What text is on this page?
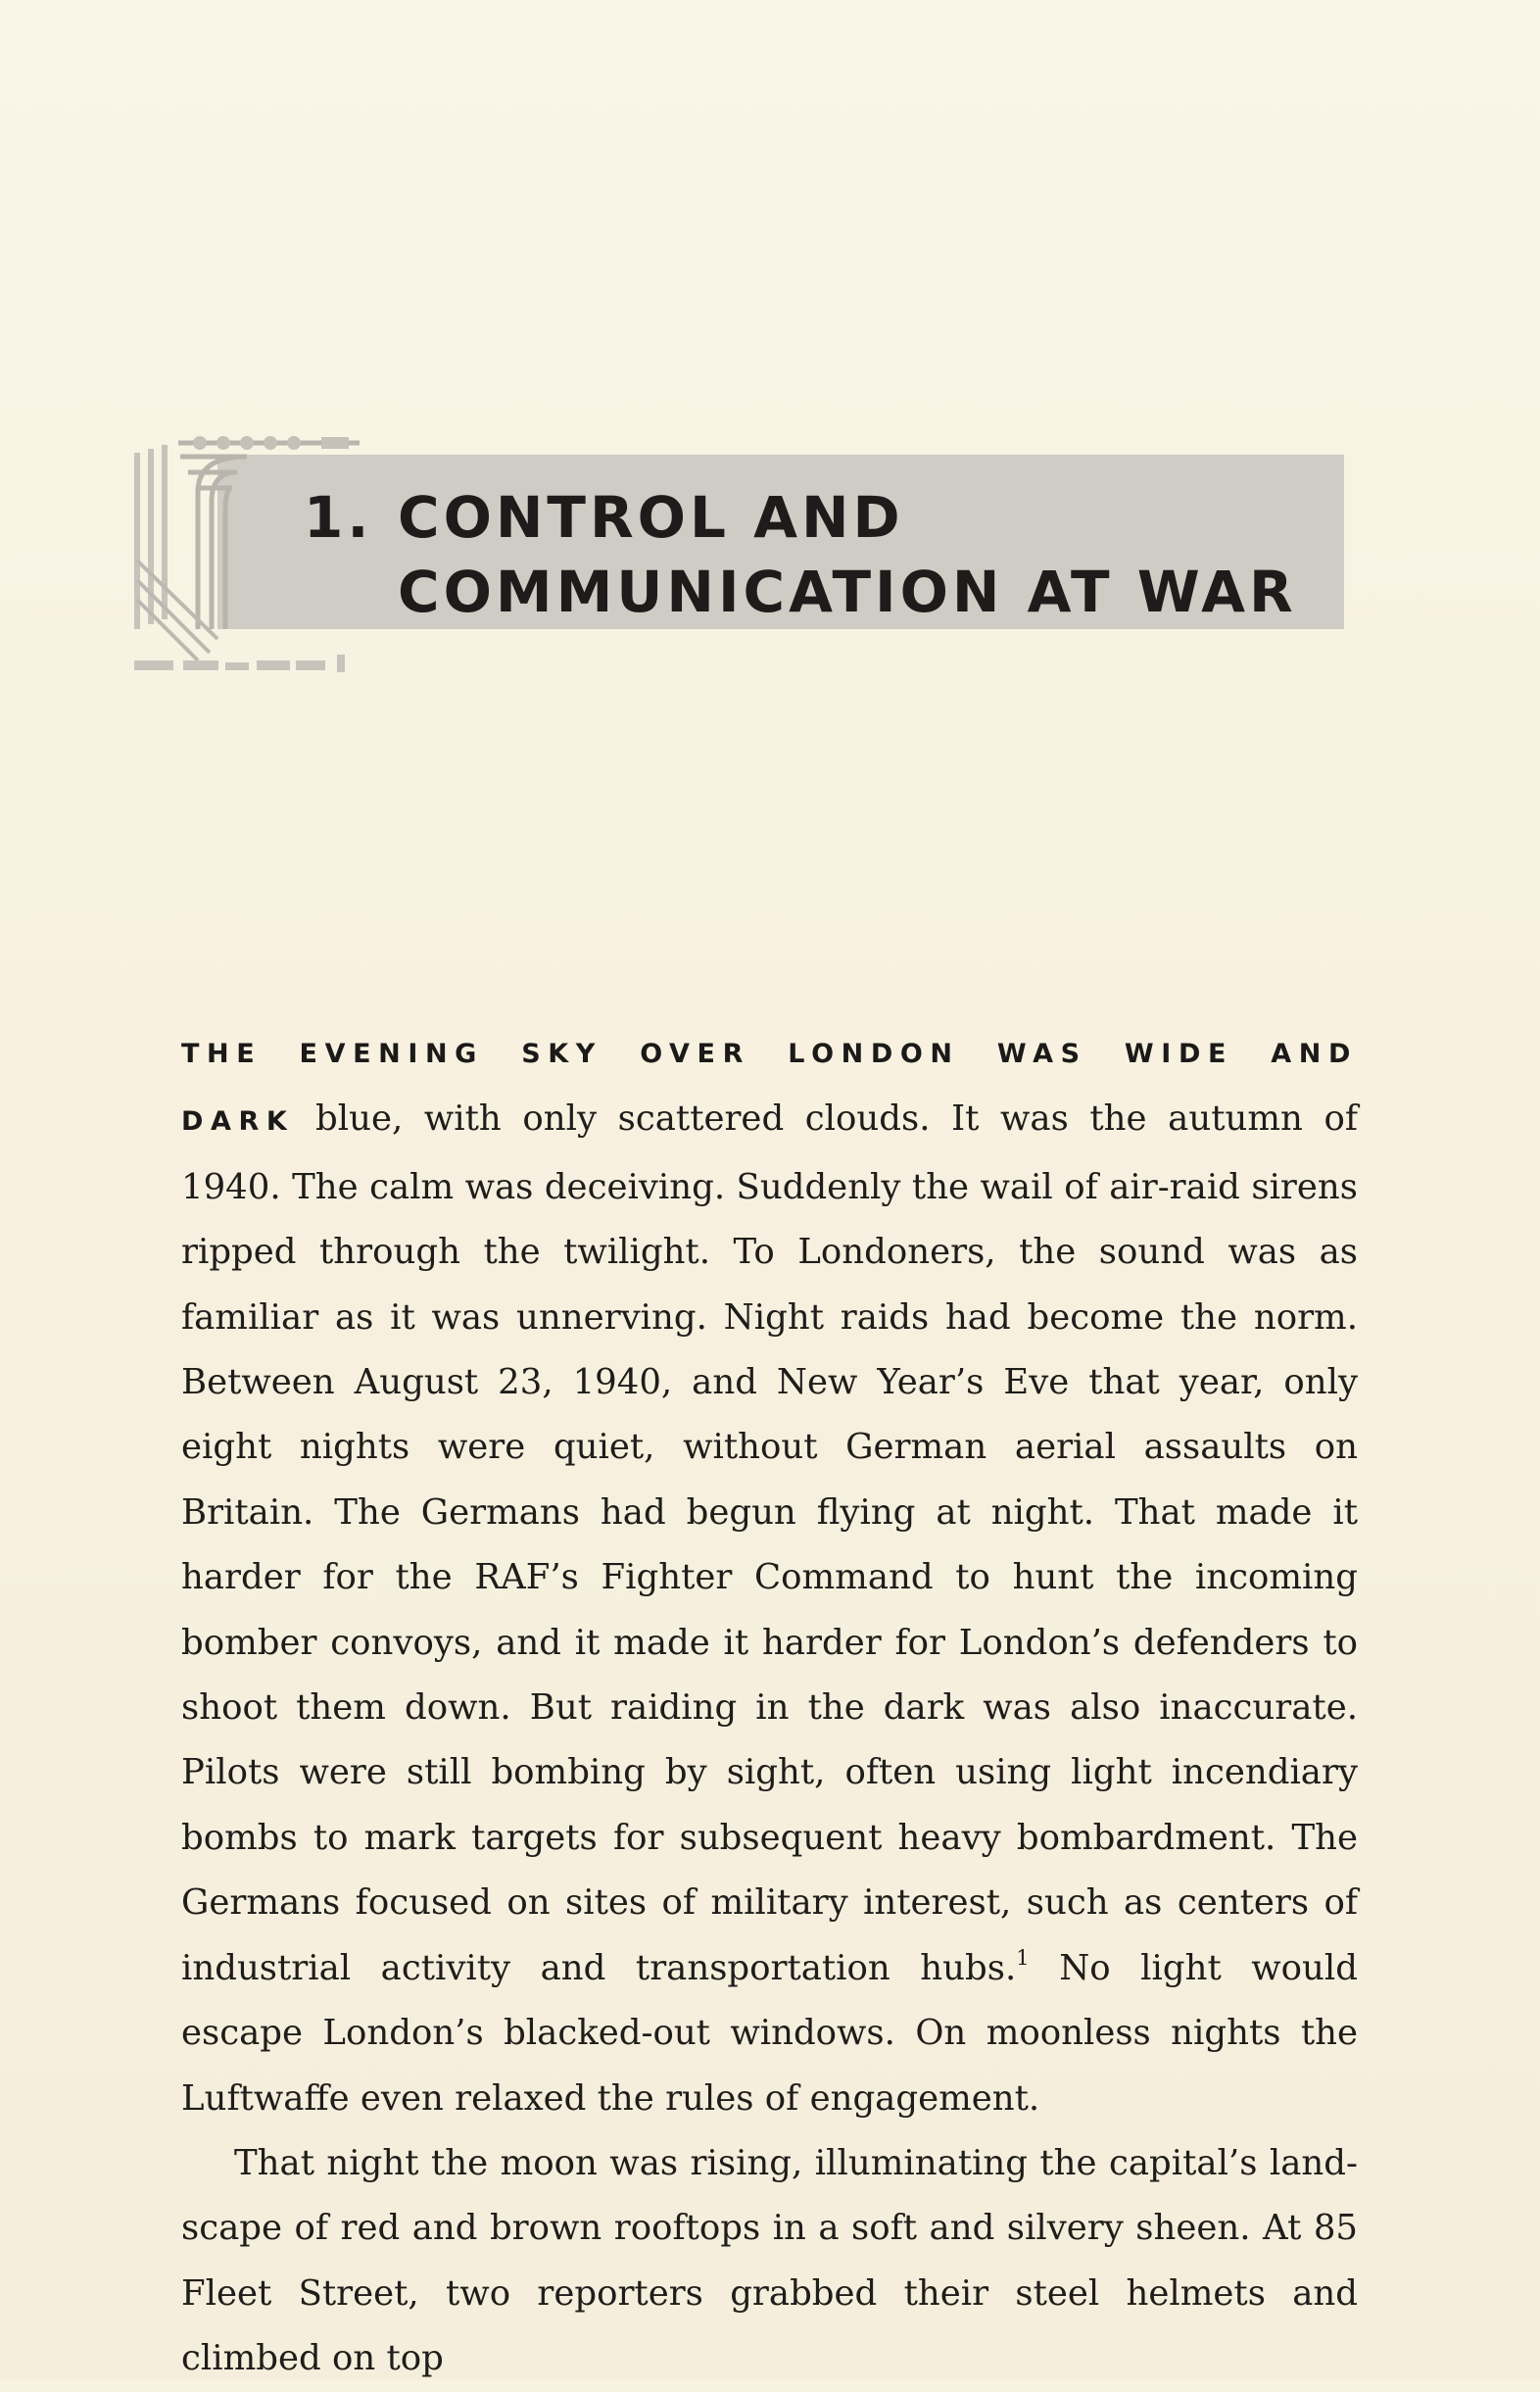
1. CONTROL AND
COMMUNICATION AT WAR

THE EVENING SKY OVER LONDON WAS WIDE AND DARK blue, with only scattered clouds. It was the autumn of 1940. The calm was deceiving. Suddenly the wail of air-raid sirens ripped through the twilight. To Londoners, the sound was as familiar as it was unnerving. Night raids had become the norm. Between August 23, 1940, and New Year’s Eve that year, only eight nights were quiet, without German aerial assaults on Britain. The Germans had begun flying at night. That made it harder for the RAF’s Fighter Command to hunt the incoming bomber convoys, and it made it harder for London’s defenders to shoot them down. But raiding in the dark was also inaccurate. Pilots were still bombing by sight, often using light incendiary bombs to mark targets for subsequent heavy bombardment. The Germans focused on sites of military interest, such as centers of industrial activity and transportation hubs.$^1$ No light would escape London’s blacked-out windows. On moonless nights the Luftwaffe even relaxed the rules of engagement.

That night the moon was rising, illuminating the capital’s landscape of red and brown rooftops in a soft and silvery sheen. At 85 Fleet Street, two reporters grabbed their steel helmets and climbed on top
